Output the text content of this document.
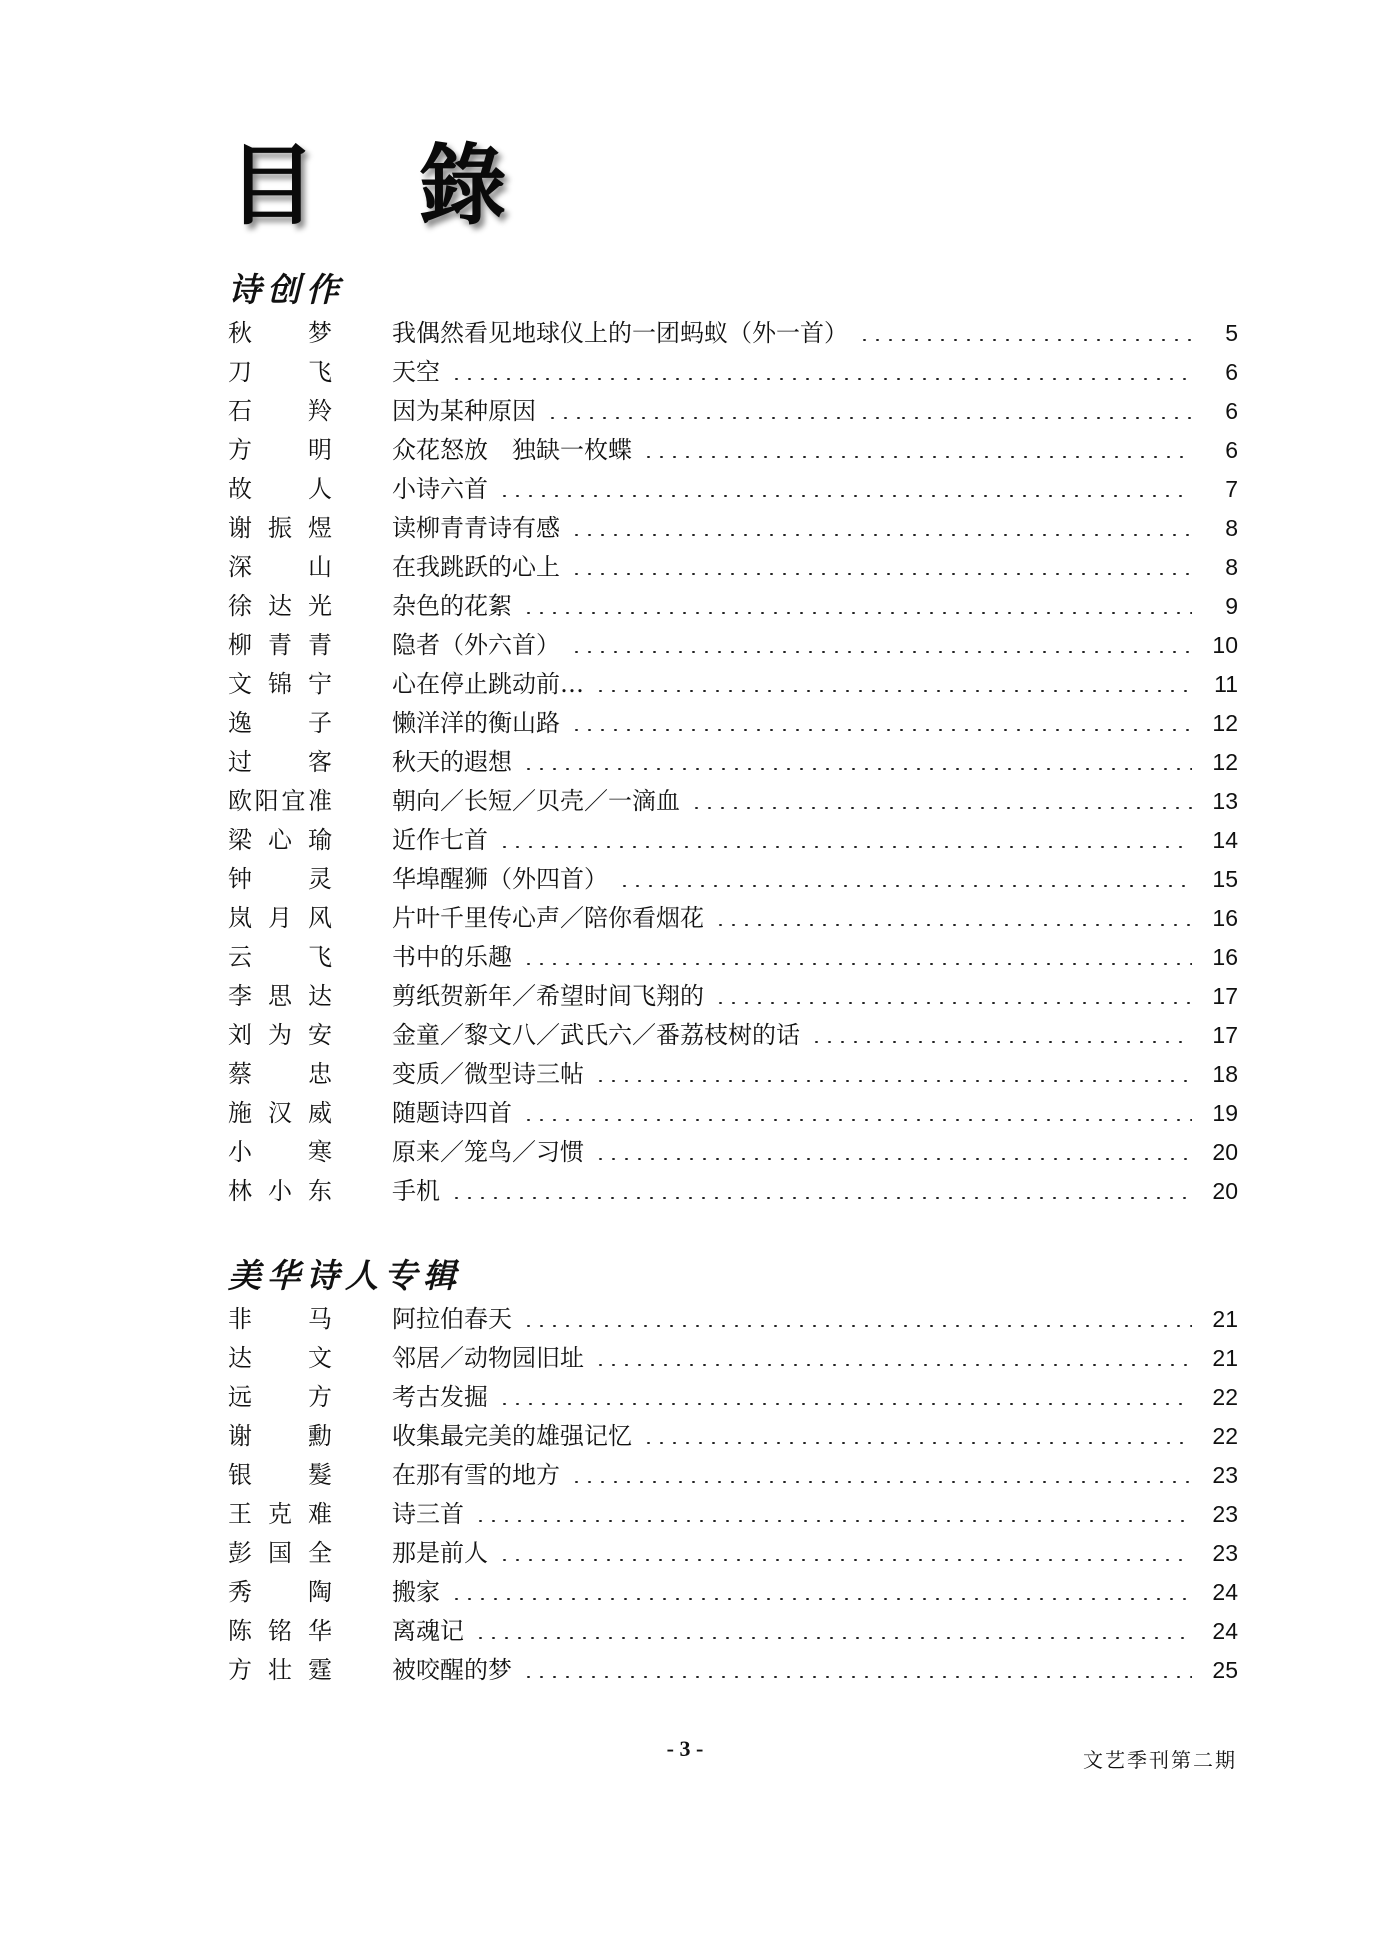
目 錄
诗创作
秋梦	我偶然看见地球仪上的一团蚂蚁（外一首）	5
刀飞	天空	6
石羚	因为某种原因	6
方明	众花怒放　独缺一枚蝶	6
故人	小诗六首	7
谢振煜	读柳青青诗有感	8
深山	在我跳跃的心上	8
徐达光	杂色的花絮	9
柳青青	隐者（外六首）	10
文锦宁	心在停止跳动前…	11
逸子	懒洋洋的衡山路	12
过客	秋天的遐想	12
欧阳宜准	朝向／长短／贝壳／一滴血	13
梁心瑜	近作七首	14
钟灵	华埠醒狮（外四首）	15
岚月风	片叶千里传心声／陪你看烟花	16
云飞	书中的乐趣	16
李思达	剪纸贺新年／希望时间飞翔的	17
刘为安	金童／黎文八／武氏六／番荔枝树的话	17
蔡忠	变质／微型诗三帖	18
施汉威	随题诗四首	19
小寒	原来／笼鸟／习惯	20
林小东	手机	20
美华诗人专辑
非马	阿拉伯春天	21
达文	邻居／动物园旧址	21
远方	考古发掘	22
谢勳	收集最完美的雄强记忆	22
银髮	在那有雪的地方	23
王克难	诗三首	23
彭国全	那是前人	23
秀陶	搬家	24
陈铭华	离魂记	24
方壮霆	被咬醒的梦	25
- 3 -	文艺季刊第二期
